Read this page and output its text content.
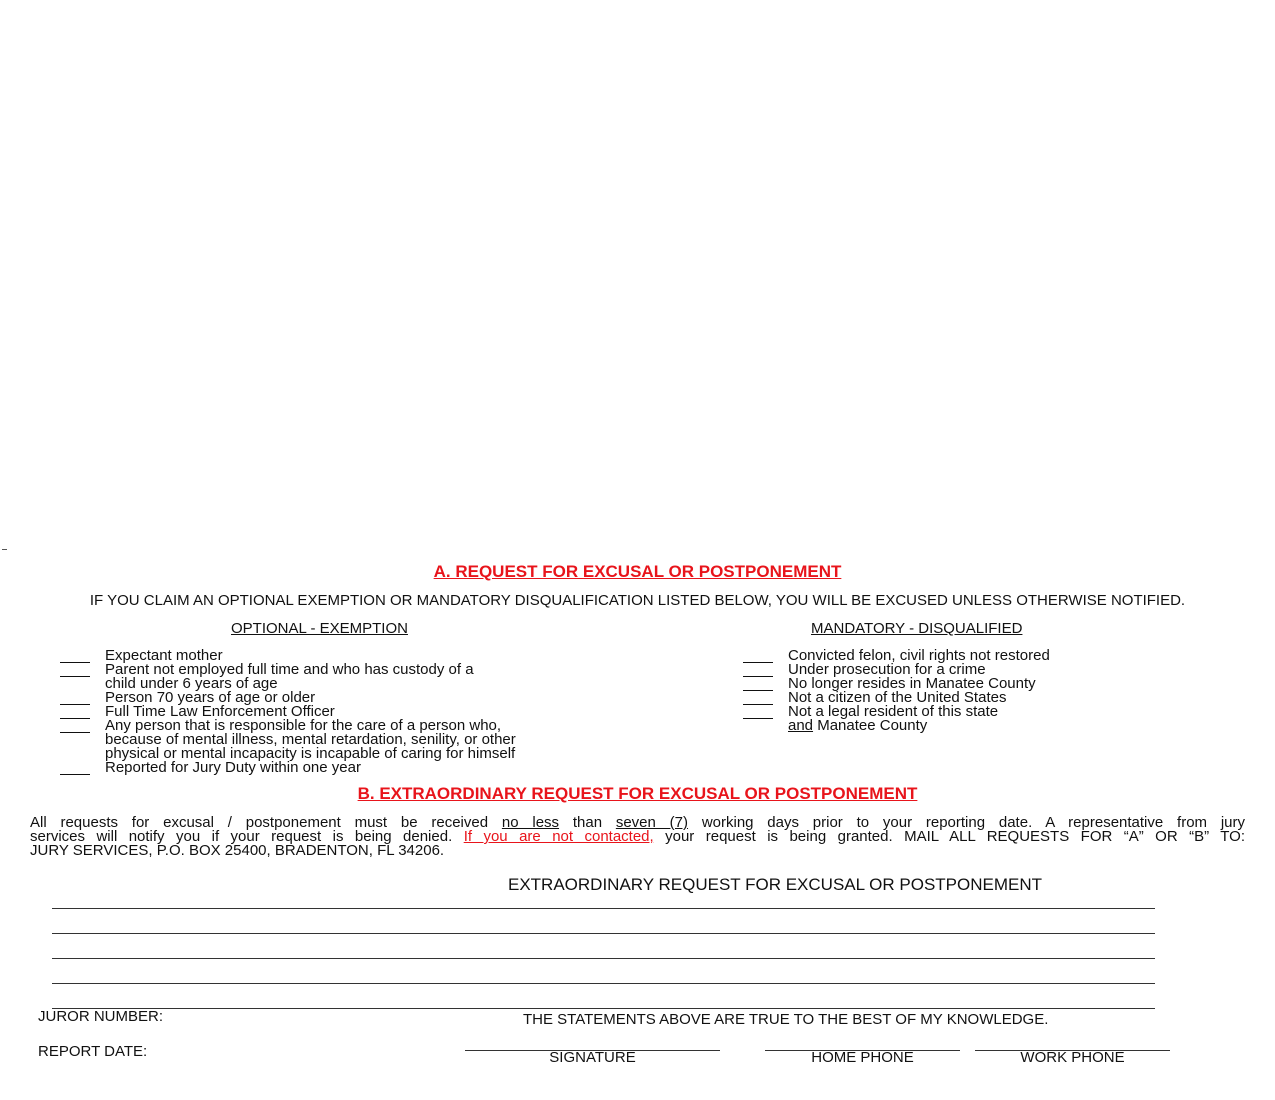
A. REQUEST FOR EXCUSAL OR POSTPONEMENT
IF YOU CLAIM AN OPTIONAL EXEMPTION OR MANDATORY DISQUALIFICATION LISTED BELOW, YOU WILL BE EXCUSED UNLESS OTHERWISE NOTIFIED.
OPTIONAL - EXEMPTION	MANDATORY - DISQUALIFIED
Expectant mother
Parent not employed full time and who has custody of a
child under 6 years of age
Person 70 years of age or older
Full Time Law Enforcement Officer
Any person that is responsible for the care of a person who,
because of mental illness, mental retardation, senility, or other
physical or mental incapacity is incapable of caring for himself
Reported for Jury Duty within one year
and Manatee County
Convicted felon, civil rights not restored
Under prosecution for a crime
No longer resides in Manatee County
Not a citizen of the United States
Not a legal resident of this state
B. EXTRAORDINARY REQUEST FOR EXCUSAL OR POSTPONEMENT
All requests for excusal / postponement must be received no less than seven (7) working days prior to your reporting date. A representative from jury
services will notify you if your request is being denied. If you are not contacted, your request is being granted. MAIL ALL REQUESTS FOR “A” OR “B” TO:
JURY SERVICES, P.O. BOX 25400, BRADENTON, FL 34206.
EXTRAORDINARY REQUEST FOR EXCUSAL OR POSTPONEMENT
JUROR NUMBER:
REPORT DATE:
THE STATEMENTS ABOVE ARE TRUE TO THE BEST OF MY KNOWLEDGE.
SIGNATURE	HOME PHONE	WORK PHONE
